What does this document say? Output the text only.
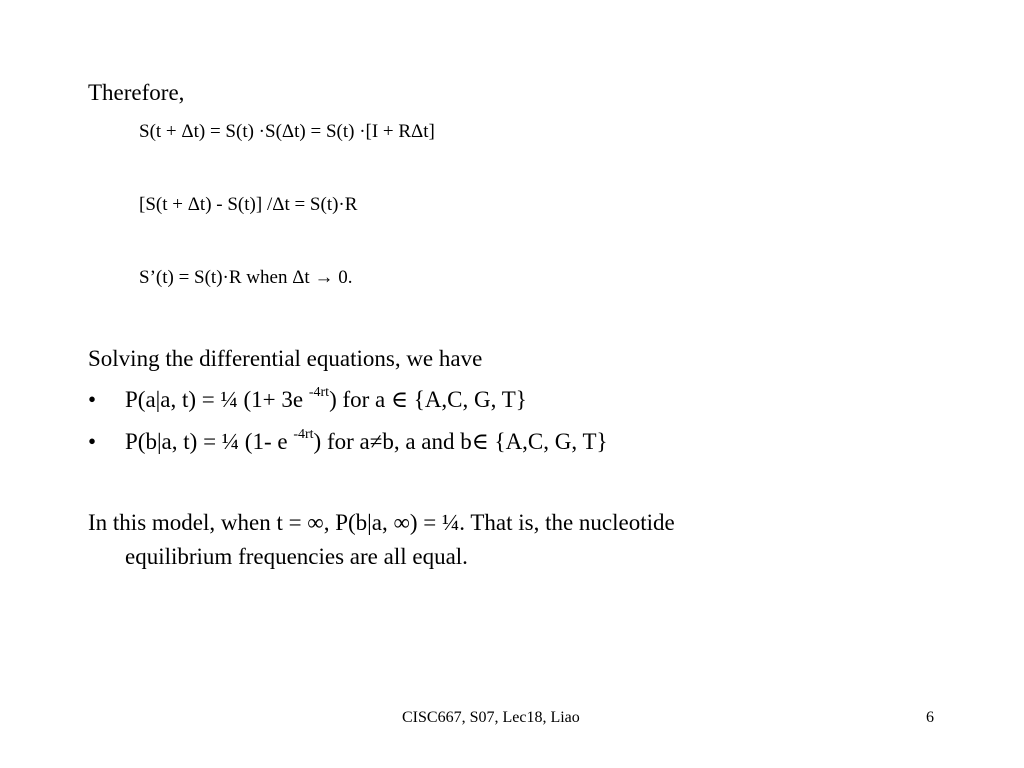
Therefore,
S(t + Δt) = S(t) ·S(Δt) = S(t) ·[I + RΔt]
[S(t + Δt) - S(t)] /Δt = S(t)·R
S’(t) = S(t)·R when Δt → 0.
Solving the differential equations, we have
• P(a|a, t) = ¼ (1+ 3e $^{-4rt}$) for a ∈ {A,C, G, T}
• P(b|a, t) = ¼ (1- e $^{-4rt}$) for a≠b, a and b∈ {A,C, G, T}
In this model, when t = ∞, P(b|a, ∞) = ¼. That is, the nucleotide
equilibrium frequencies are all equal.
CISC667, S07, Lec18, Liao	6
